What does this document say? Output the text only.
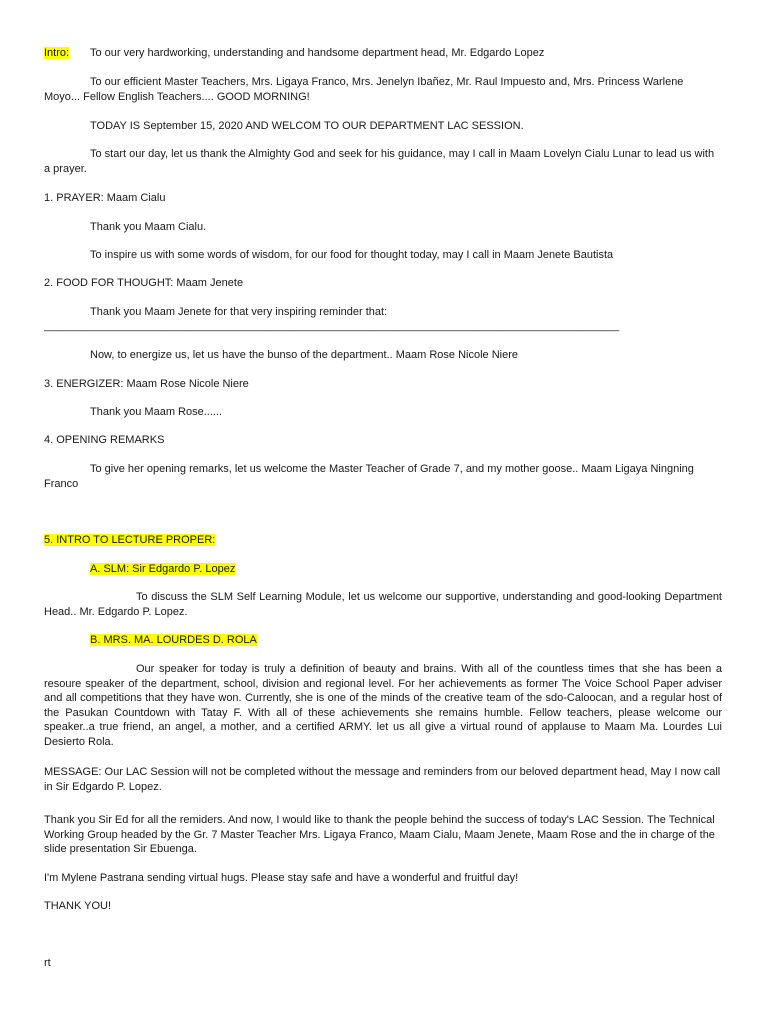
Intro: To our very hardworking, understanding and handsome department head, Mr. Edgardo Lopez

To our efficient Master Teachers, Mrs. Ligaya Franco, Mrs. Jenelyn Ibañez, Mr. Raul Impuesto and, Mrs. Princess Warlene Moyo... Fellow English Teachers.... GOOD MORNING!

TODAY IS September 15, 2020 AND WELCOM TO OUR DEPARTMENT LAC SESSION.

To start our day, let us thank the Almighty God and seek for his guidance, may I call in Maam Lovelyn Cialu Lunar to lead us with a prayer.

1. PRAYER: Maam Cialu

Thank you Maam Cialu.

To inspire us with some words of wisdom, for our food for thought today, may I call in Maam Jenete Bautista

2. FOOD FOR THOUGHT: Maam Jenete

Thank you Maam Jenete for that very inspiring reminder that:

______________________________________________________________________________________________

Now, to energize us, let us have the bunso of the department.. Maam Rose Nicole Niere

3. ENERGIZER: Maam Rose Nicole Niere

Thank you Maam Rose......

4. OPENING REMARKS

To give her opening remarks, let us welcome the Master Teacher of Grade 7, and my mother goose.. Maam Ligaya Ningning Franco

5. INTRO TO LECTURE PROPER:

A. SLM: Sir Edgardo P. Lopez

To discuss the SLM Self Learning Module, let us welcome our supportive, understanding and good-looking Department Head.. Mr. Edgardo P. Lopez.

B. MRS. MA. LOURDES D. ROLA

Our speaker for today is truly a definition of beauty and brains. With all of the countless times that she has been a resoure speaker of the department, school, division and regional level. For her achievements as former The Voice School Paper adviser and all competitions that they have won. Currently, she is one of the minds of the creative team of the sdo-Caloocan, and a regular host of the Pasukan Countdown with Tatay F. With all of these achievements she remains humble. Fellow teachers, please welcome our speaker..a true friend, an angel, a mother, and a certified ARMY. let us all give a virtual round of applause to Maam Ma. Lourdes Lui Desierto Rola.

MESSAGE: Our LAC Session will not be completed without the message and reminders from our beloved department head, May I now call in Sir Edgardo P. Lopez.

Thank you Sir Ed for all the remiders. And now, I would like to thank the people behind the success of today's LAC Session. The Technical Working Group headed by the Gr. 7 Master Teacher Mrs. Ligaya Franco, Maam Cialu, Maam Jenete, Maam Rose and the in charge of the slide presentation Sir Ebuenga.

I'm Mylene Pastrana sending virtual hugs. Please stay safe and have a wonderful and fruitful day!

THANK YOU!

rt
